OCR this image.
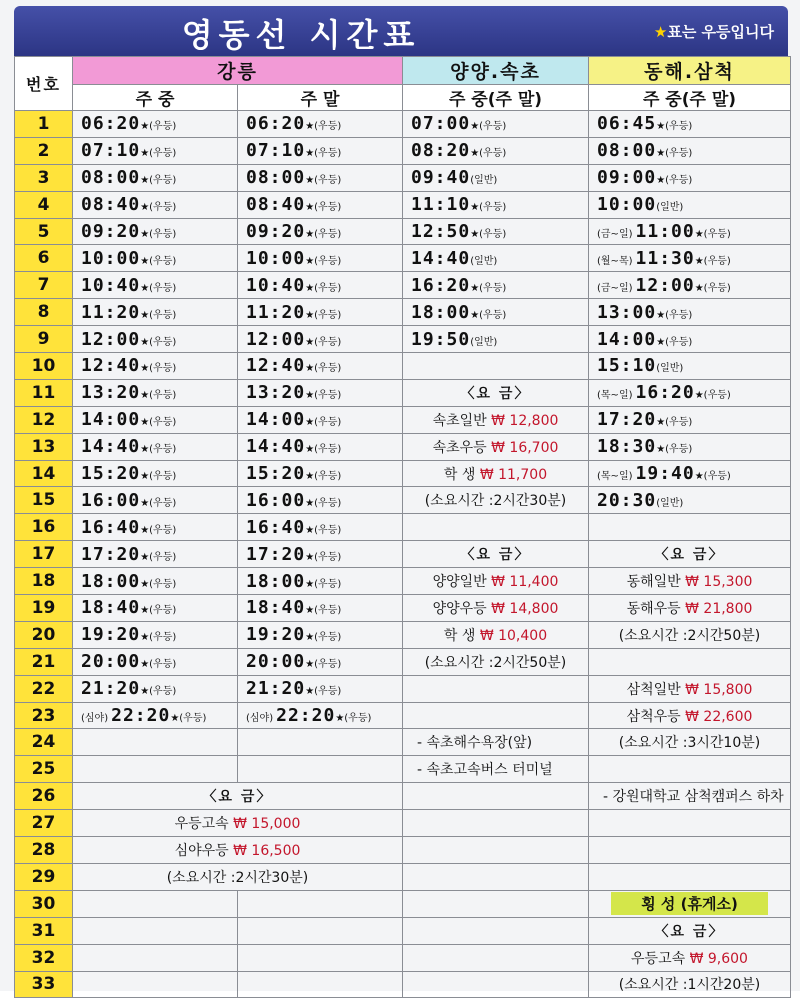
영동선 시간표	★표는 우등입니다
번호	강릉		양양.속초	동해.삼척
	주 중	주 말	주 중(주 말)	주 중(주 말)
1	06:20★(우등)	06:20★(우등)	07:00★(우등)	06:45★(우등)
2	07:10★(우등)	07:10★(우등)	08:20★(우등)	08:00★(우등)
3	08:00★(우등)	08:00★(우등)	09:40(일반)	09:00★(우등)
4	08:40★(우등)	08:40★(우등)	11:10★(우등)	10:00(일반)
5	09:20★(우등)	09:20★(우등)	12:50★(우등)	(금~일) 11:00★(우등)
6	10:00★(우등)	10:00★(우등)	14:40(일반)	(월~목) 11:30★(우등)
7	10:40★(우등)	10:40★(우등)	16:20★(우등)	(금~일) 12:00★(우등)
8	11:20★(우등)	11:20★(우등)	18:00★(우등)	13:00★(우등)
9	12:00★(우등)	12:00★(우등)	19:50(일반)	14:00★(우등)
10	12:40★(우등)	12:40★(우등)		15:10(일반)
11	13:20★(우등)	13:20★(우등)	〈요 금〉	(목~일) 16:20★(우등)
12	14:00★(우등)	14:00★(우등)	속초일반 ₩ 12,800	17:20★(우등)
13	14:40★(우등)	14:40★(우등)	속초우등 ₩ 16,700	18:30★(우등)
14	15:20★(우등)	15:20★(우등)	학 생 ₩ 11,700	(목~일) 19:40★(우등)
15	16:00★(우등)	16:00★(우등)	(소요시간 :2시간30분)	20:30(일반)
16	16:40★(우등)	16:40★(우등)		
17	17:20★(우등)	17:20★(우등)	〈요 금〉	〈요 금〉
18	18:00★(우등)	18:00★(우등)	양양일반 ₩ 11,400	동해일반 ₩ 15,300
19	18:40★(우등)	18:40★(우등)	양양우등 ₩ 14,800	동해우등 ₩ 21,800
20	19:20★(우등)	19:20★(우등)	학 생 ₩ 10,400	(소요시간 :2시간50분)
21	20:00★(우등)	20:00★(우등)	(소요시간 :2시간50분)	
22	21:20★(우등)	21:20★(우등)		삼척일반 ₩ 15,800
23	(심야) 22:20★(우등)	(심야) 22:20★(우등)		삼척우등 ₩ 22,600
24			- 속초해수욕장(앞)	(소요시간 :3시간10분)
25			- 속초고속버스 터미널	
26	〈요 금〉			- 강원대학교 삼척캠퍼스 하차
27	우등고속 ₩ 15,000			
28	심야우등 ₩ 16,500			
29	(소요시간 :2시간30분)			
30				횡 성 (휴게소)
31				〈요 금〉
32				우등고속 ₩ 9,600
33				(소요시간 :1시간20분)
